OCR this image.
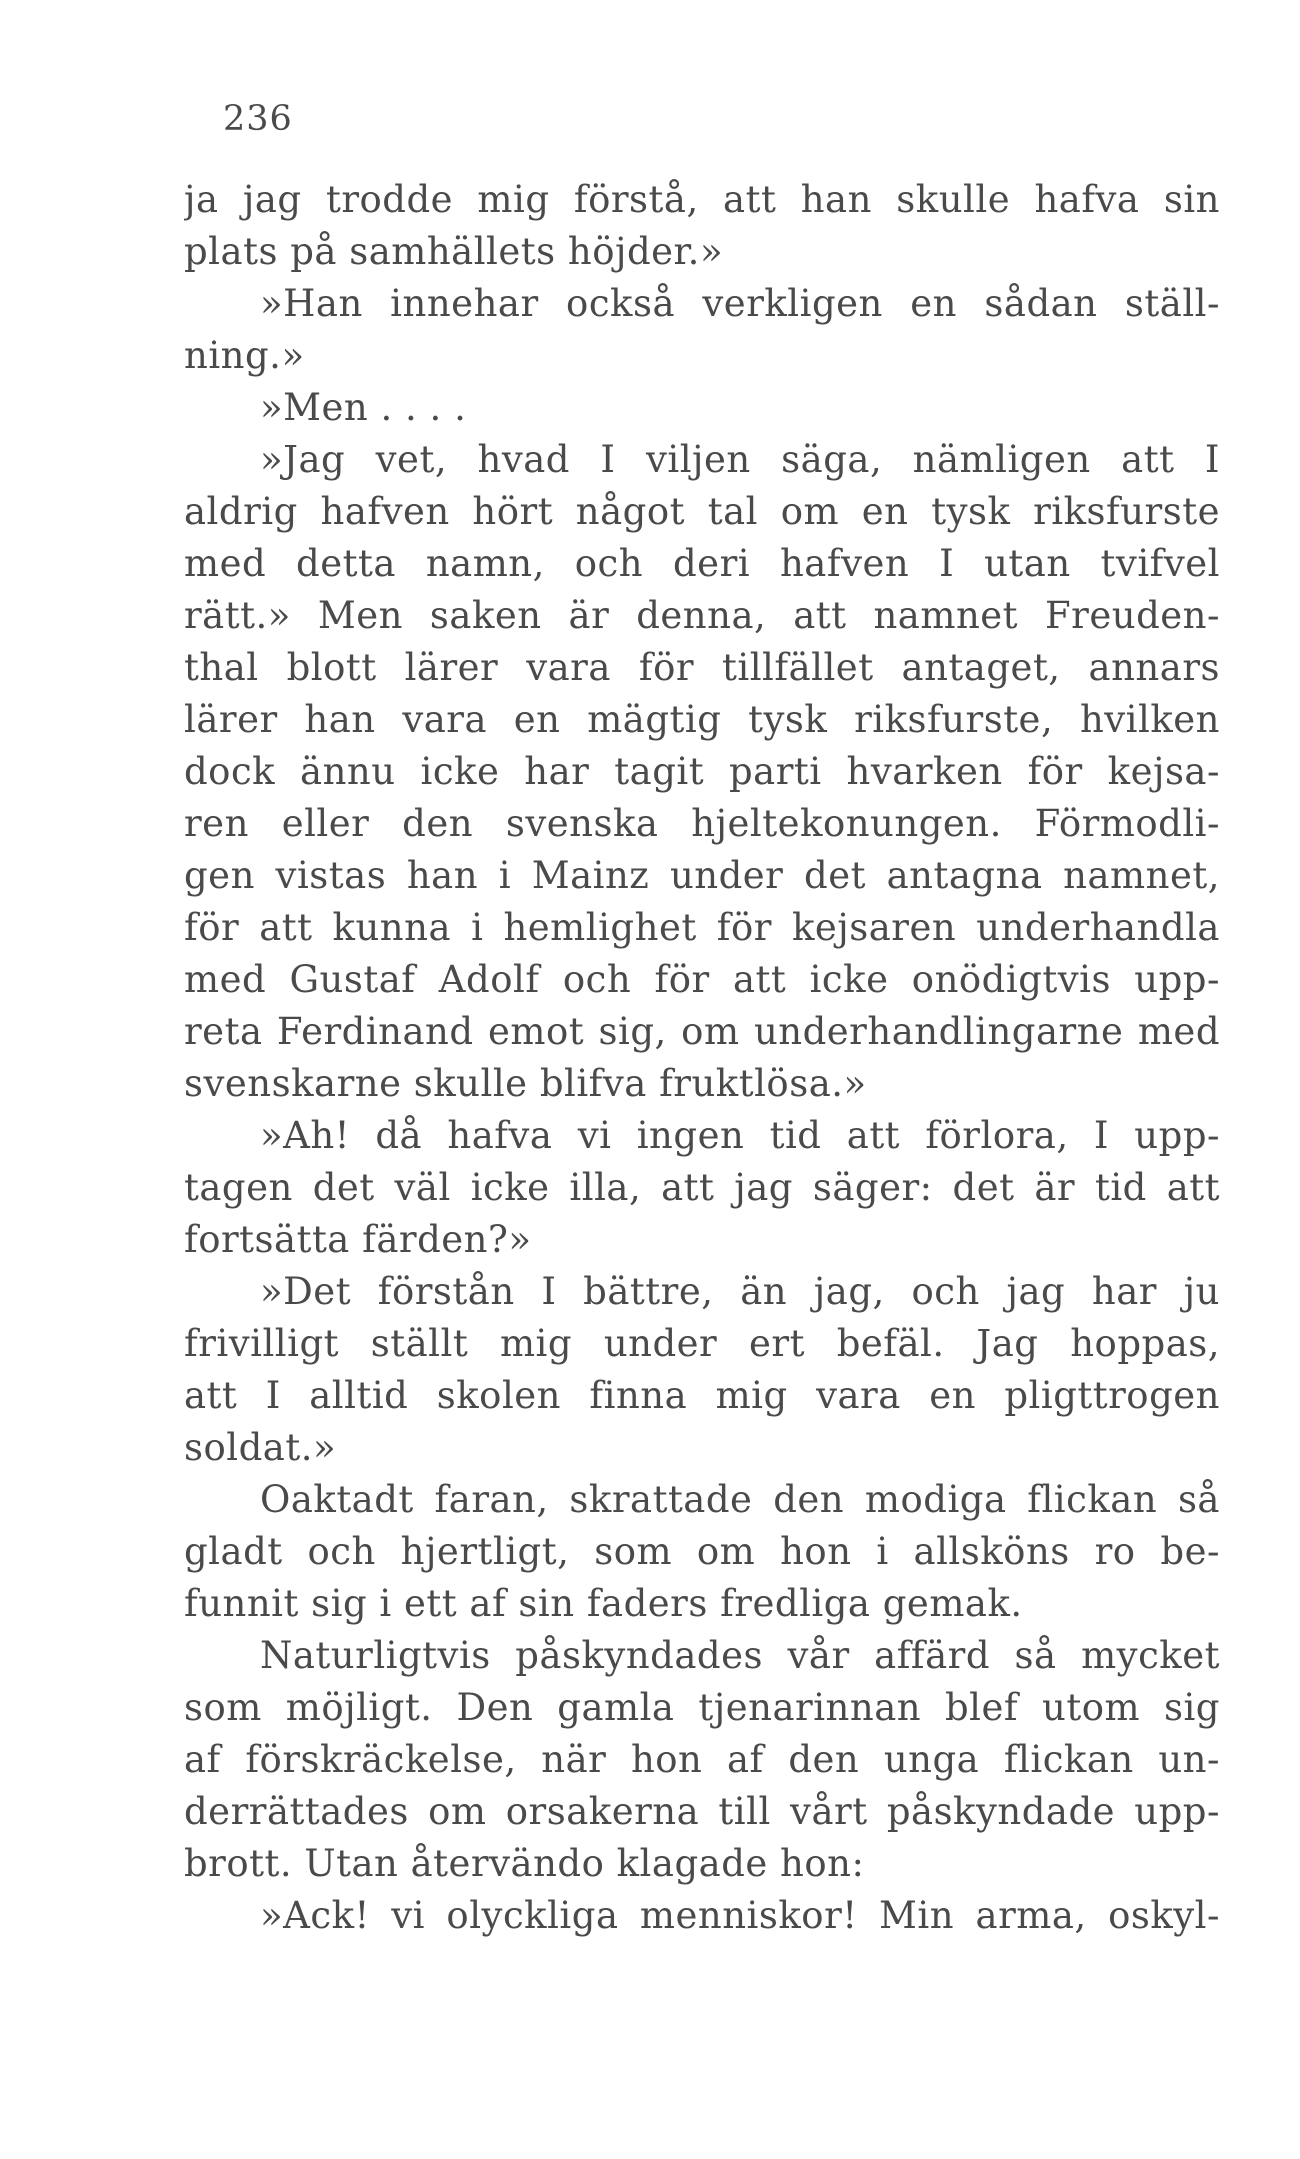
236
ja jag trodde mig förstå, att han skulle hafva sin
plats på samhällets höjder.»
»Han innehar också verkligen en sådan ställ-
ning.»
»Men . . . .
»Jag vet, hvad I viljen säga, nämligen att I
aldrig hafven hört något tal om en tysk riksfurste
med detta namn, och deri hafven I utan tvifvel
rätt.» Men saken är denna, att namnet Freuden-
thal blott lärer vara för tillfället antaget, annars
lärer han vara en mägtig tysk riksfurste, hvilken
dock ännu icke har tagit parti hvarken för kejsa-
ren eller den svenska hjeltekonungen. Förmodli-
gen vistas han i Mainz under det antagna namnet,
för att kunna i hemlighet för kejsaren underhandla
med Gustaf Adolf och för att icke onödigtvis upp-
reta Ferdinand emot sig, om underhandlingarne med
svenskarne skulle blifva fruktlösa.»
»Ah! då hafva vi ingen tid att förlora, I upp-
tagen det väl icke illa, att jag säger: det är tid att
fortsätta färden?»
»Det förstån I bättre, än jag, och jag har ju
frivilligt ställt mig under ert befäl. Jag hoppas,
att I alltid skolen finna mig vara en pligttrogen
soldat.»
Oaktadt faran, skrattade den modiga flickan så
gladt och hjertligt, som om hon i allsköns ro be-
funnit sig i ett af sin faders fredliga gemak.
Naturligtvis påskyndades vår affärd så mycket
som möjligt. Den gamla tjenarinnan blef utom sig
af förskräckelse, när hon af den unga flickan un-
derrättades om orsakerna till vårt påskyndade upp-
brott. Utan återvändo klagade hon:
»Ack! vi olyckliga menniskor! Min arma, oskyl-
